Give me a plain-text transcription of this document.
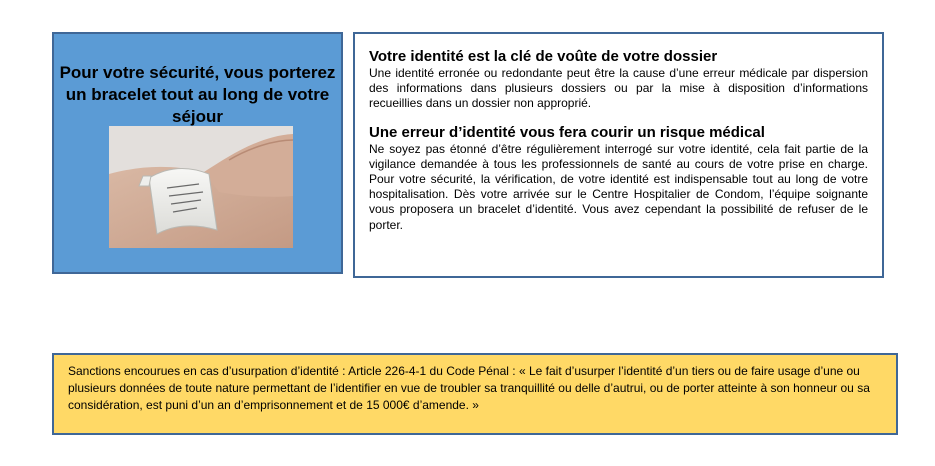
Pour votre sécurité, vous porterez un bracelet tout au long de votre séjour
Votre identité est la clé de voûte de votre dossier

Une identité erronée ou redondante peut être la cause d’une erreur médicale par dispersion des informations dans plusieurs dossiers ou par la mise à disposition d’informations recueillies dans un dossier non approprié.

Une erreur d’identité vous fera courir un risque médical

Ne soyez pas étonné d’être régulièrement interrogé sur votre identité, cela fait partie de la vigilance demandée à tous les professionnels de santé au cours de votre prise en charge. Pour votre sécurité, la vérification, de votre identité est indispensable tout au long de votre hospitalisation. Dès votre arrivée sur le Centre Hospitalier de Condom, l’équipe soignante vous proposera un bracelet d’identité. Vous avez cependant la possibilité de refuser de le porter.

Sanctions encourues en cas d’usurpation d’identité : Article 226-4-1 du Code Pénal : « Le fait d’usurper l’identité d’un tiers ou de faire usage d’une ou plusieurs données de toute nature permettant de l’identifier en vue de troubler sa tranquillité ou delle d’autrui, ou de porter atteinte à son honneur ou sa considération, est puni d’un an d’emprisonnement et de 15 000€ d’amende. »
